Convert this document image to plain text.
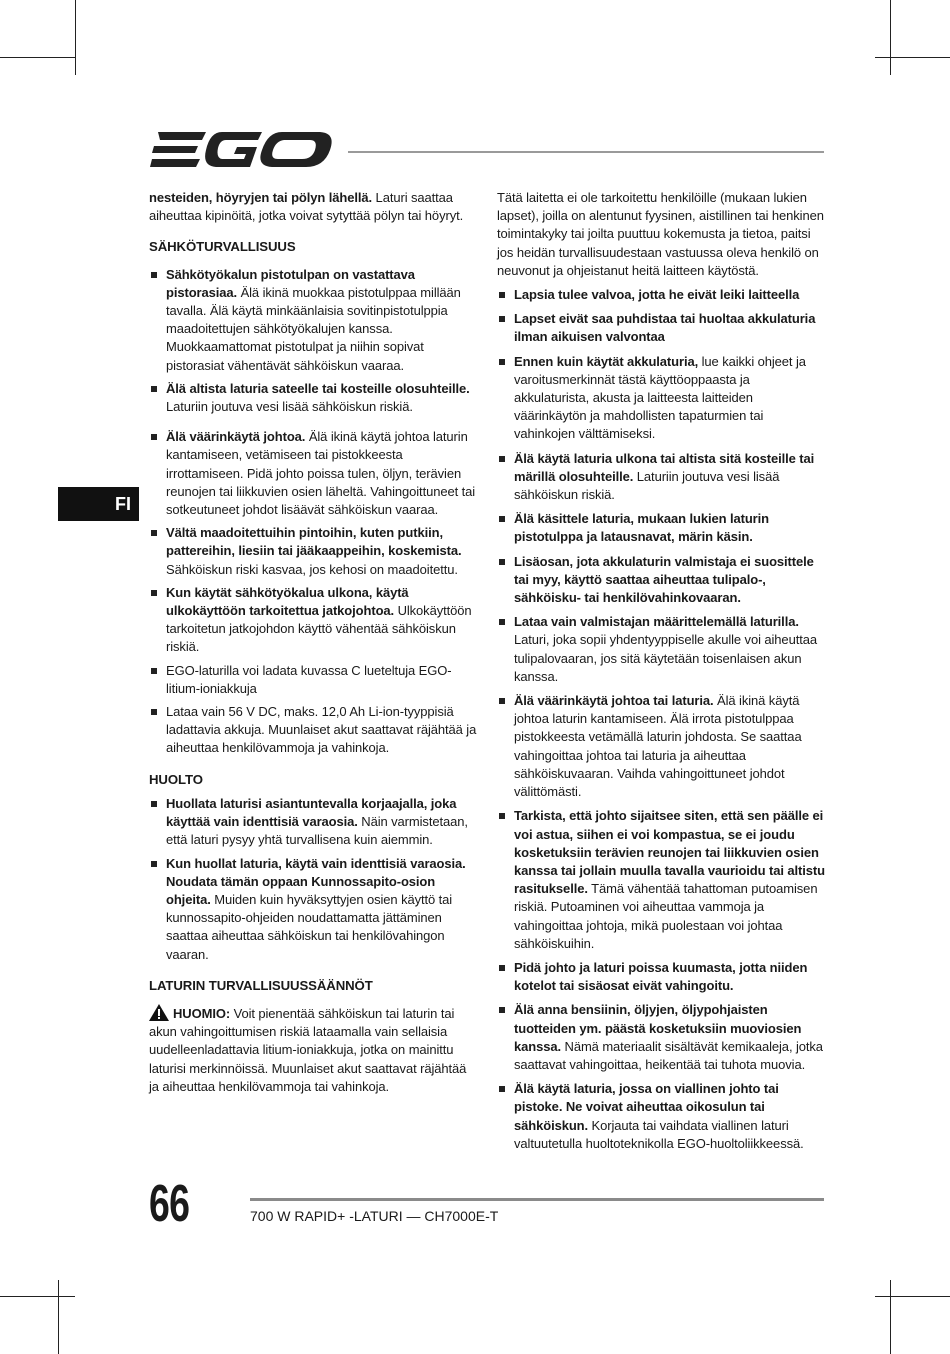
nesteiden, höyryjen tai pölyn lähellä. Laturi saattaa aiheuttaa kipinöitä, jotka voivat sytyttää pölyn tai höyryt.

SÄHKÖTURVALLISUUS

Sähkötyökalun pistotulpan on vastattava pistorasiaa. Älä ikinä muokkaa pistotulppaa millään tavalla. Älä käytä minkäänlaisia sovitinpistotulppia maadoitettujen sähkötyökalujen kanssa. Muokkaamattomat pistotulpat ja niihin sopivat pistorasiat vähentävät sähköiskun vaaraa.
Älä altista laturia sateelle tai kosteille olosuhteille. Laturiin joutuva vesi lisää sähköiskun riskiä.
Älä väärinkäytä johtoa. Älä ikinä käytä johtoa laturin kantamiseen, vetämiseen tai pistokkeesta irrottamiseen. Pidä johto poissa tulen, öljyn, terävien reunojen tai liikkuvien osien läheltä. Vahingoittuneet tai sotkeutuneet johdot lisäävät sähköiskun vaaraa.
Vältä maadoitettuihin pintoihin, kuten putkiin, pattereihin, liesiin tai jääkaappeihin, koskemista. Sähköiskun riski kasvaa, jos kehosi on maadoitettu.
Kun käytät sähkötyökalua ulkona, käytä ulkokäyttöön tarkoitettua jatkojohtoa. Ulkokäyttöön tarkoitetun jatkojohdon käyttö vähentää sähköiskun riskiä.
EGO-laturilla voi ladata kuvassa C lueteltuja EGO-litium-ioniakkuja
Lataa vain 56 V DC, maks. 12,0 Ah Li-ion-tyyppisiä ladattavia akkuja. Muunlaiset akut saattavat räjähtää ja aiheuttaa henkilövammoja ja vahinkoja.

HUOLTO

Huollata laturisi asiantuntevalla korjaajalla, joka käyttää vain identtisiä varaosia. Näin varmistetaan, että laturi pysyy yhtä turvallisena kuin aiemmin.
Kun huollat laturia, käytä vain identtisiä varaosia. Noudata tämän oppaan Kunnossapito-osion ohjeita. Muiden kuin hyväksyttyjen osien käyttö tai kunnossapito-ohjeiden noudattamatta jättäminen saattaa aiheuttaa sähköiskun tai henkilövahingon vaaran.

LATURIN TURVALLISUUSSÄÄNNÖT

HUOMIO: Voit pienentää sähköiskun tai laturin tai akun vahingoittumisen riskiä lataamalla vain sellaisia uudelleenladattavia litium-ioniakkuja, jotka on mainittu laturisi merkinnöissä. Muunlaiset akut saattavat räjähtää ja aiheuttaa henkilövammoja tai vahinkoja.

Tätä laitetta ei ole tarkoitettu henkilöille (mukaan lukien lapset), joilla on alentunut fyysinen, aistillinen tai henkinen toimintakyky tai joilta puuttuu kokemusta ja tietoa, paitsi jos heidän turvallisuudestaan vastuussa oleva henkilö on neuvonut ja ohjeistanut heitä laitteen käytöstä.

Lapsia tulee valvoa, jotta he eivät leiki laitteella
Lapset eivät saa puhdistaa tai huoltaa akkulaturia ilman aikuisen valvontaa
Ennen kuin käytät akkulaturia, lue kaikki ohjeet ja varoitusmerkinnät tästä käyttöoppaasta ja akkulaturista, akusta ja laitteesta laitteiden väärinkäytön ja mahdollisten tapaturmien tai vahinkojen välttämiseksi.
Älä käytä laturia ulkona tai altista sitä kosteille tai märillä olosuhteille. Laturiin joutuva vesi lisää sähköiskun riskiä.
Älä käsittele laturia, mukaan lukien laturin pistotulppa ja latausnavat, märin käsin.
Lisäosan, jota akkulaturin valmistaja ei suosittele tai myy, käyttö saattaa aiheuttaa tulipalo-, sähköisku- tai henkilövahinkovaaran.
Lataa vain valmistajan määrittelemällä laturilla. Laturi, joka sopii yhdentyyppiselle akulle voi aiheuttaa tulipalovaaran, jos sitä käytetään toisenlaisen akun kanssa.
Älä väärinkäytä johtoa tai laturia. Älä ikinä käytä johtoa laturin kantamiseen. Älä irrota pistotulppaa pistokkeesta vetämällä laturin johdosta. Se saattaa vahingoittaa johtoa tai laturia ja aiheuttaa sähköiskuvaaran. Vaihda vahingoittuneet johdot välittömästi.
Tarkista, että johto sijaitsee siten, että sen päälle ei voi astua, siihen ei voi kompastua, se ei joudu kosketuksiin terävien reunojen tai liikkuvien osien kanssa tai jollain muulla tavalla vaurioidu tai altistu rasitukselle. Tämä vähentää tahattoman putoamisen riskiä. Putoaminen voi aiheuttaa vammoja ja vahingoittaa johtoja, mikä puolestaan voi johtaa sähköiskuihin.
Pidä johto ja laturi poissa kuumasta, jotta niiden kotelot tai sisäosat eivät vahingoitu.
Älä anna bensiinin, öljyjen, öljypohjaisten tuotteiden ym. päästä kosketuksiin muoviosien kanssa. Nämä materiaalit sisältävät kemikaaleja, jotka saattavat vahingoittaa, heikentää tai tuhota muovia.
Älä käytä laturia, jossa on viallinen johto tai pistoke. Ne voivat aiheuttaa oikosulun tai sähköiskun. Korjauta tai vaihdata viallinen laturi valtuutetulla huoltoteknikolla EGO-huoltoliikkeessä.
FI
66	700 W RAPID+ -LATURI — CH7000E-T
